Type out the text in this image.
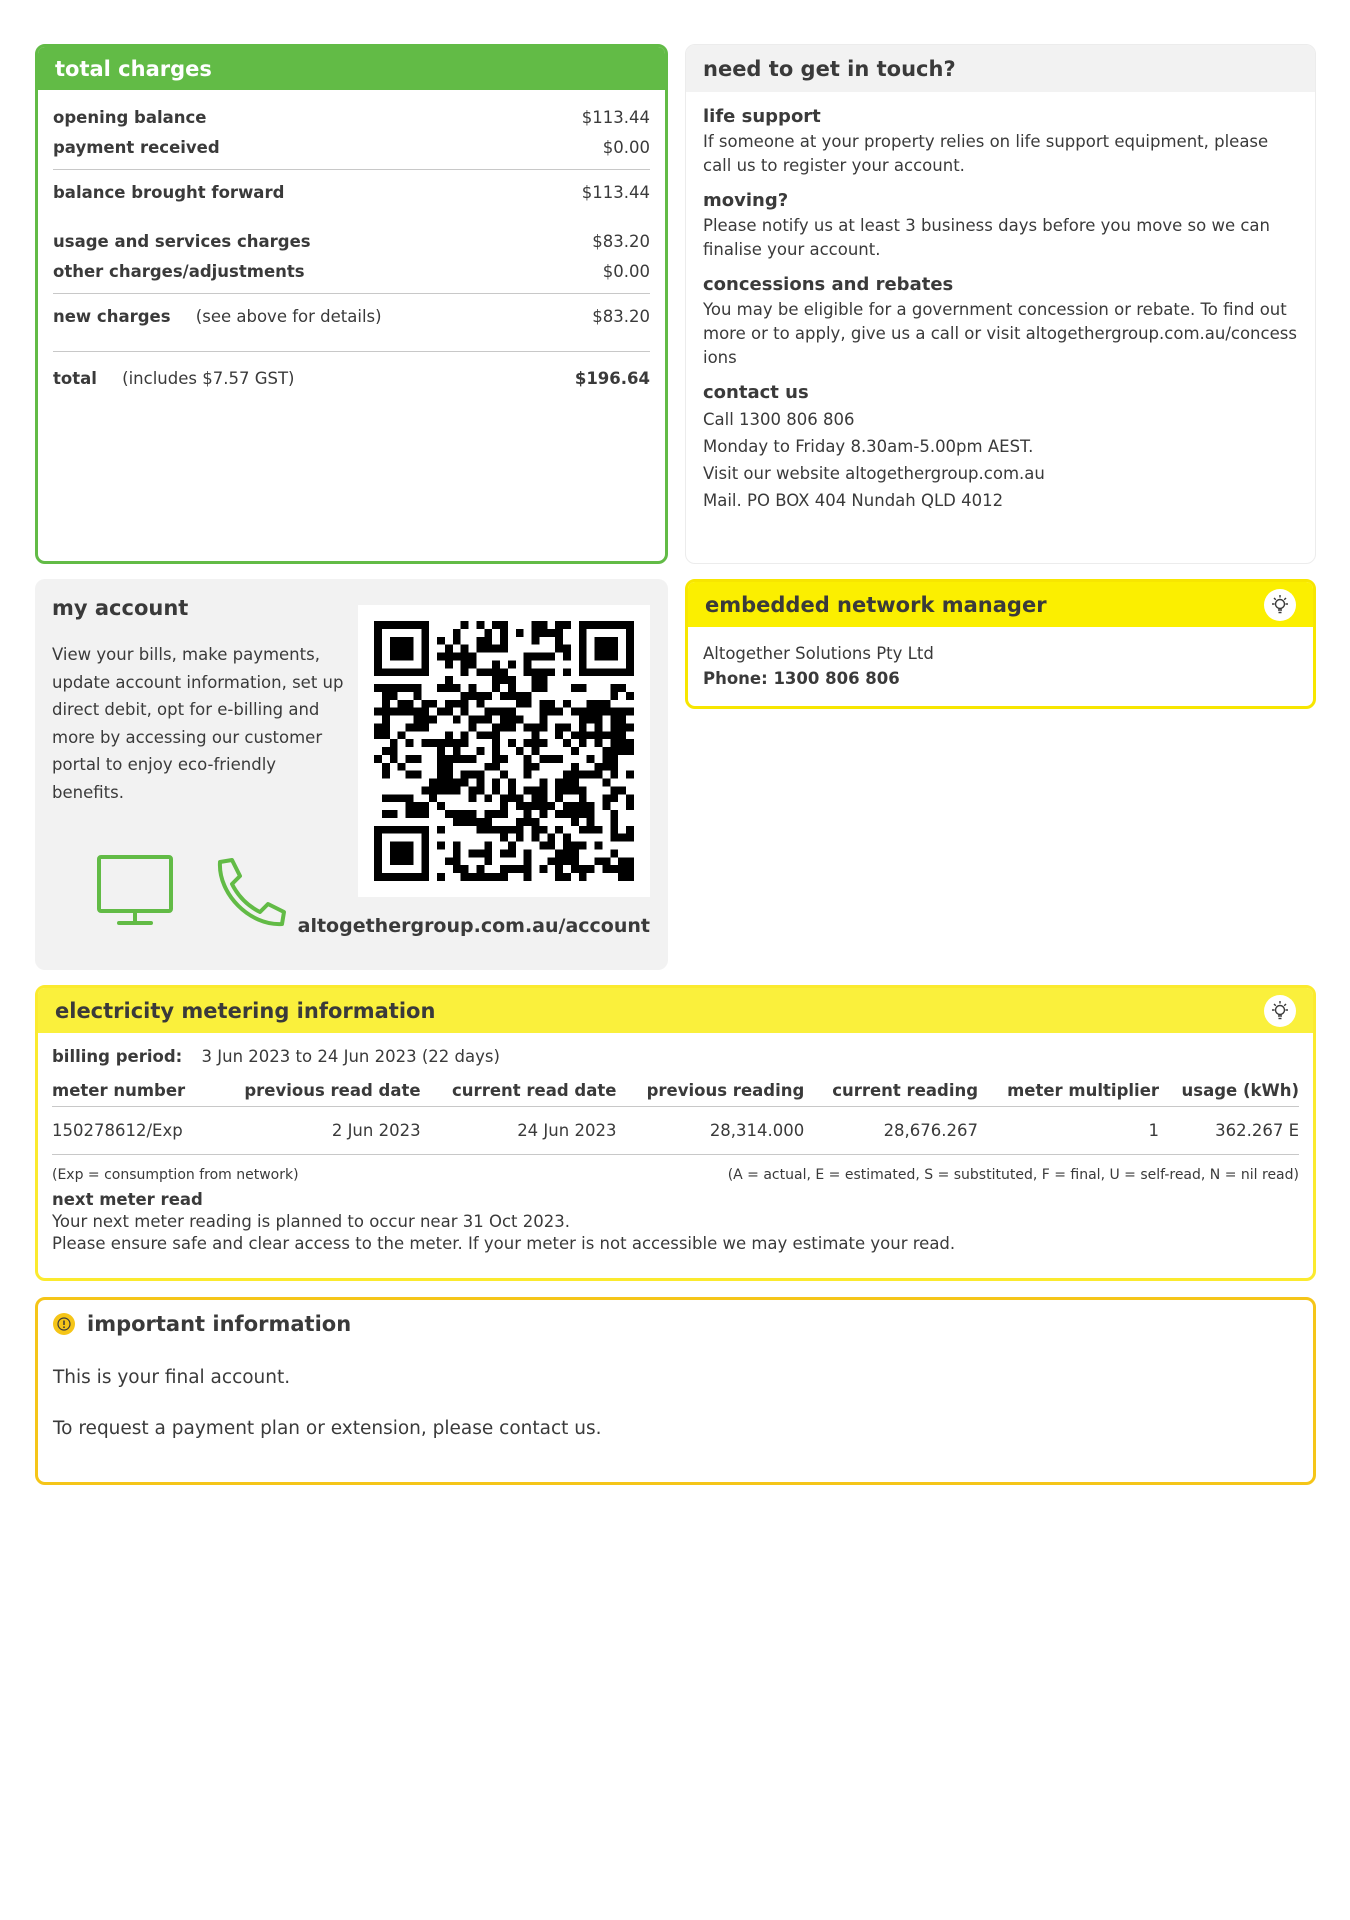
total charges
opening balance	$113.44
payment received	$0.00
balance brought forward	$113.44
usage and services charges	$83.20
other charges/adjustments	$0.00
new charges (see above for details)	$83.20
total (includes $7.57 GST)	$196.64
need to get in touch?
life support

If someone at your property relies on life support equipment, please call us to register your account.

moving?

Please notify us at least 3 business days before you move so we can finalise your account.

concessions and rebates

You may be eligible for a government concession or rebate. To find out more or to apply, give us a call or visit altogethergroup.com.au/concessions

contact us

Call 1300 806 806

Monday to Friday 8.30am-5.00pm AEST.

Visit our website altogethergroup.com.au

Mail. PO BOX 404 Nundah QLD 4012

my account
View your bills, make payments, update account information, set up direct debit, opt for e-billing and more by accessing our customer portal to enjoy eco-friendly benefits.
altogethergroup.com.au/account
embedded network manager
Altogether Solutions Pty Ltd
Phone: 1300 806 806
electricity metering information
billing period: 3 Jun 2023 to 24 Jun 2023 (22 days)
meter number	previous read date	current read date	previous reading	current reading	meter multiplier	usage (kWh)
150278612/Exp	2 Jun 2023	24 Jun 2023	28,314.000	28,676.267	1	362.267 E
(Exp = consumption from network)	(A = actual, E = estimated, S = substituted, F = final, U = self-read, N = nil read)
next meter read
Your next meter reading is planned to occur near 31 Oct 2023.
Please ensure safe and clear access to the meter. If your meter is not accessible we may estimate your read.
important information

This is your final account.

To request a payment plan or extension, please contact us.
